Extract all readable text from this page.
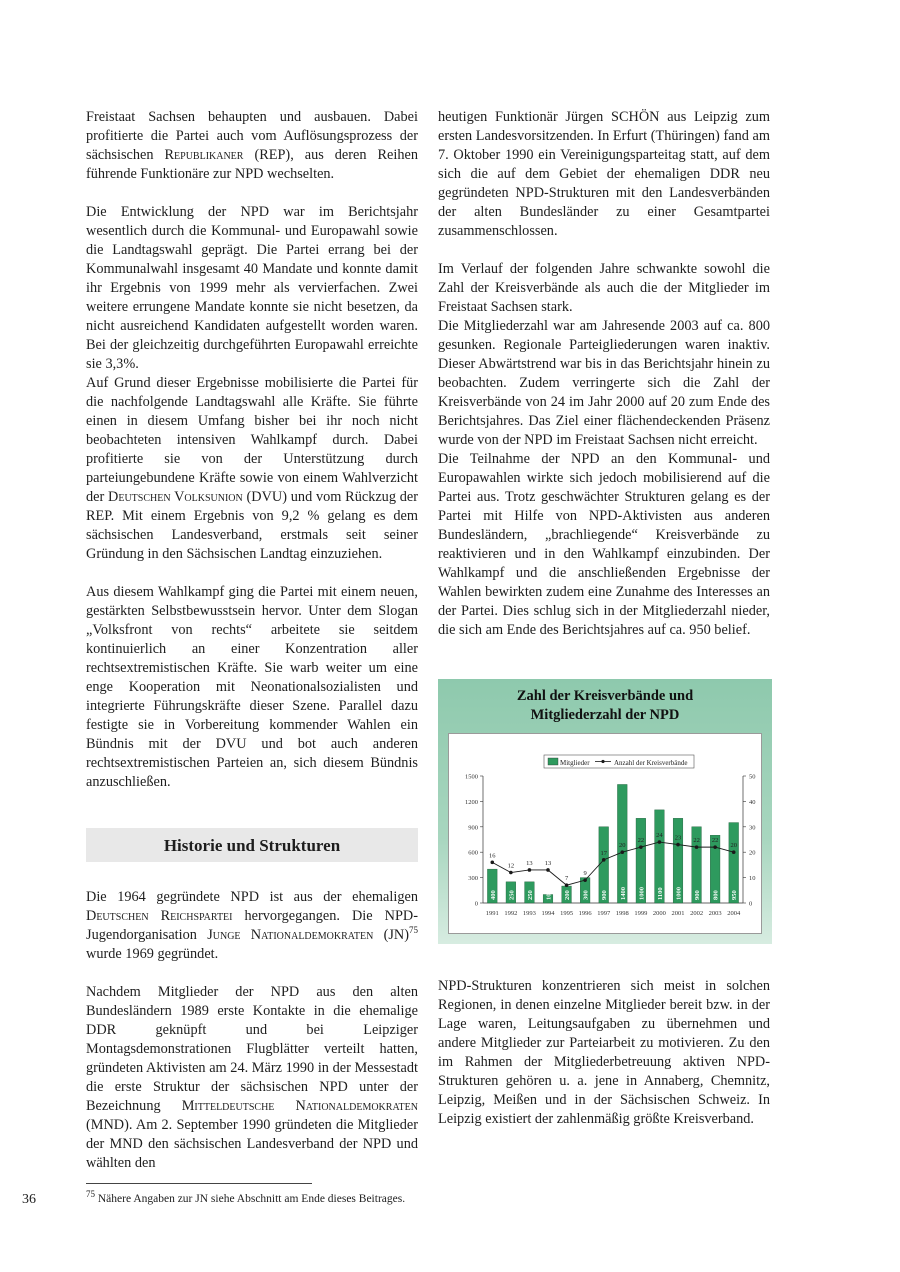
Freistaat Sachsen behaupten und ausbauen. Dabei profitierte die Partei auch vom Auflösungsprozess der sächsischen Republikaner (REP), aus deren Reihen führende Funktionäre zur NPD wechselten.

Die Entwicklung der NPD war im Berichtsjahr wesentlich durch die Kommunal- und Europawahl sowie die Landtagswahl geprägt. Die Partei errang bei der Kommunalwahl insgesamt 40 Mandate und konnte damit ihr Ergebnis von 1999 mehr als vervierfachen. Zwei weitere errungene Mandate konnte sie nicht besetzen, da nicht ausreichend Kandidaten aufgestellt worden waren. Bei der gleichzeitig durchgeführten Europawahl erreichte sie 3,3%.

Auf Grund dieser Ergebnisse mobilisierte die Partei für die nachfolgende Landtagswahl alle Kräfte. Sie führte einen in diesem Umfang bisher bei ihr noch nicht beobachteten intensiven Wahlkampf durch. Dabei profitierte sie von der Unterstützung durch parteiungebundene Kräfte sowie von einem Wahlverzicht der Deutschen Volksunion (DVU) und vom Rückzug der REP. Mit einem Ergebnis von 9,2 % gelang es dem sächsischen Landesverband, erstmals seit seiner Gründung in den Sächsischen Landtag einzuziehen.

Aus diesem Wahlkampf ging die Partei mit einem neuen, gestärkten Selbstbewusstsein hervor. Unter dem Slogan „Volksfront von rechts“ arbeitete sie seitdem kontinuierlich an einer Konzentration aller rechtsextremistischen Kräfte. Sie warb weiter um eine enge Kooperation mit Neonationalsozialisten und integrierte Führungskräfte dieser Szene. Parallel dazu festigte sie in Vorbereitung kommender Wahlen ein Bündnis mit der DVU und bot auch anderen rechtsextremistischen Parteien an, sich diesem Bündnis anzuschließen.

Historie und Strukturen

Die 1964 gegründete NPD ist aus der ehemaligen Deutschen Reichspartei hervorgegangen. Die NPD-Jugendorganisation Junge Nationaldemokraten (JN)$^{75}$ wurde 1969 gegründet.

Nachdem Mitglieder der NPD aus den alten Bundesländern 1989 erste Kontakte in die ehemalige DDR geknüpft und bei Leipziger Montagsdemonstrationen Flugblätter verteilt hatten, gründeten Aktivisten am 24. März 1990 in der Messestadt die erste Struktur der sächsischen NPD unter der Bezeichnung Mitteldeutsche Nationaldemokraten (MND). Am 2. September 1990 gründeten die Mitglieder der MND den sächsischen Landesverband der NPD und wählten den

heutigen Funktionär Jürgen SCHÖN aus Leipzig zum ersten Landesvorsitzenden. In Erfurt (Thüringen) fand am 7. Oktober 1990 ein Vereinigungsparteitag statt, auf dem sich die auf dem Gebiet der ehemaligen DDR neu gegründeten NPD-Strukturen mit den Landesverbänden der alten Bundesländer zu einer Gesamtpartei zusammenschlossen.

Im Verlauf der folgenden Jahre schwankte sowohl die Zahl der Kreisverbände als auch die der Mitglieder im Freistaat Sachsen stark.

Die Mitgliederzahl war am Jahresende 2003 auf ca. 800 gesunken. Regionale Parteigliederungen waren inaktiv. Dieser Abwärtstrend war bis in das Berichtsjahr hinein zu beobachten. Zudem verringerte sich die Zahl der Kreisverbände von 24 im Jahr 2000 auf 20 zum Ende des Berichtsjahres. Das Ziel einer flächendeckenden Präsenz wurde von der NPD im Freistaat Sachsen nicht erreicht.

Die Teilnahme der NPD an den Kommunal- und Europawahlen wirkte sich jedoch mobilisierend auf die Partei aus. Trotz geschwächter Strukturen gelang es der Partei mit Hilfe von NPD-Aktivisten aus anderen Bundesländern, „brachliegende“ Kreisverbände zu reaktivieren und in den Wahlkampf einzubinden. Der Wahlkampf und die anschließenden Ergebnisse der Wahlen bewirkten zudem eine Zunahme des Interesses an der Partei. Dies schlug sich in der Mitgliederzahl nieder, die sich am Ende des Berichtsjahres auf ca. 950 belief.

Zahl der Kreisverbände und
Mitgliederzahl der NPD
Mitglieder	Anzahl der Kreisverbände
0
300
600
900
1200
1500
0
10
20
30
40
50
400
1991
250
1992
250
1993
100
1994
200
1995
300
1996
900
1997
1400
1998
1000
1999
1100
2000
1000
2001
900
2002
800
2003
950
2004
16
12 13 13
7
9
17
20
22
24 23 22 22
20

NPD-Strukturen konzentrieren sich meist in solchen Regionen, in denen einzelne Mitglieder bereit bzw. in der Lage waren, Leitungsaufgaben zu übernehmen und andere Mitglieder zur Parteiarbeit zu motivieren. Zu den im Rahmen der Mitgliederbetreuung aktiven NPD-Strukturen gehören u. a. jene in Annaberg, Chemnitz, Leipzig, Meißen und in der Sächsischen Schweiz. In Leipzig existiert der zahlenmäßig größte Kreisverband.

36	$^{75}$ Nähere Angaben zur JN siehe Abschnitt am Ende dieses Beitrages.
